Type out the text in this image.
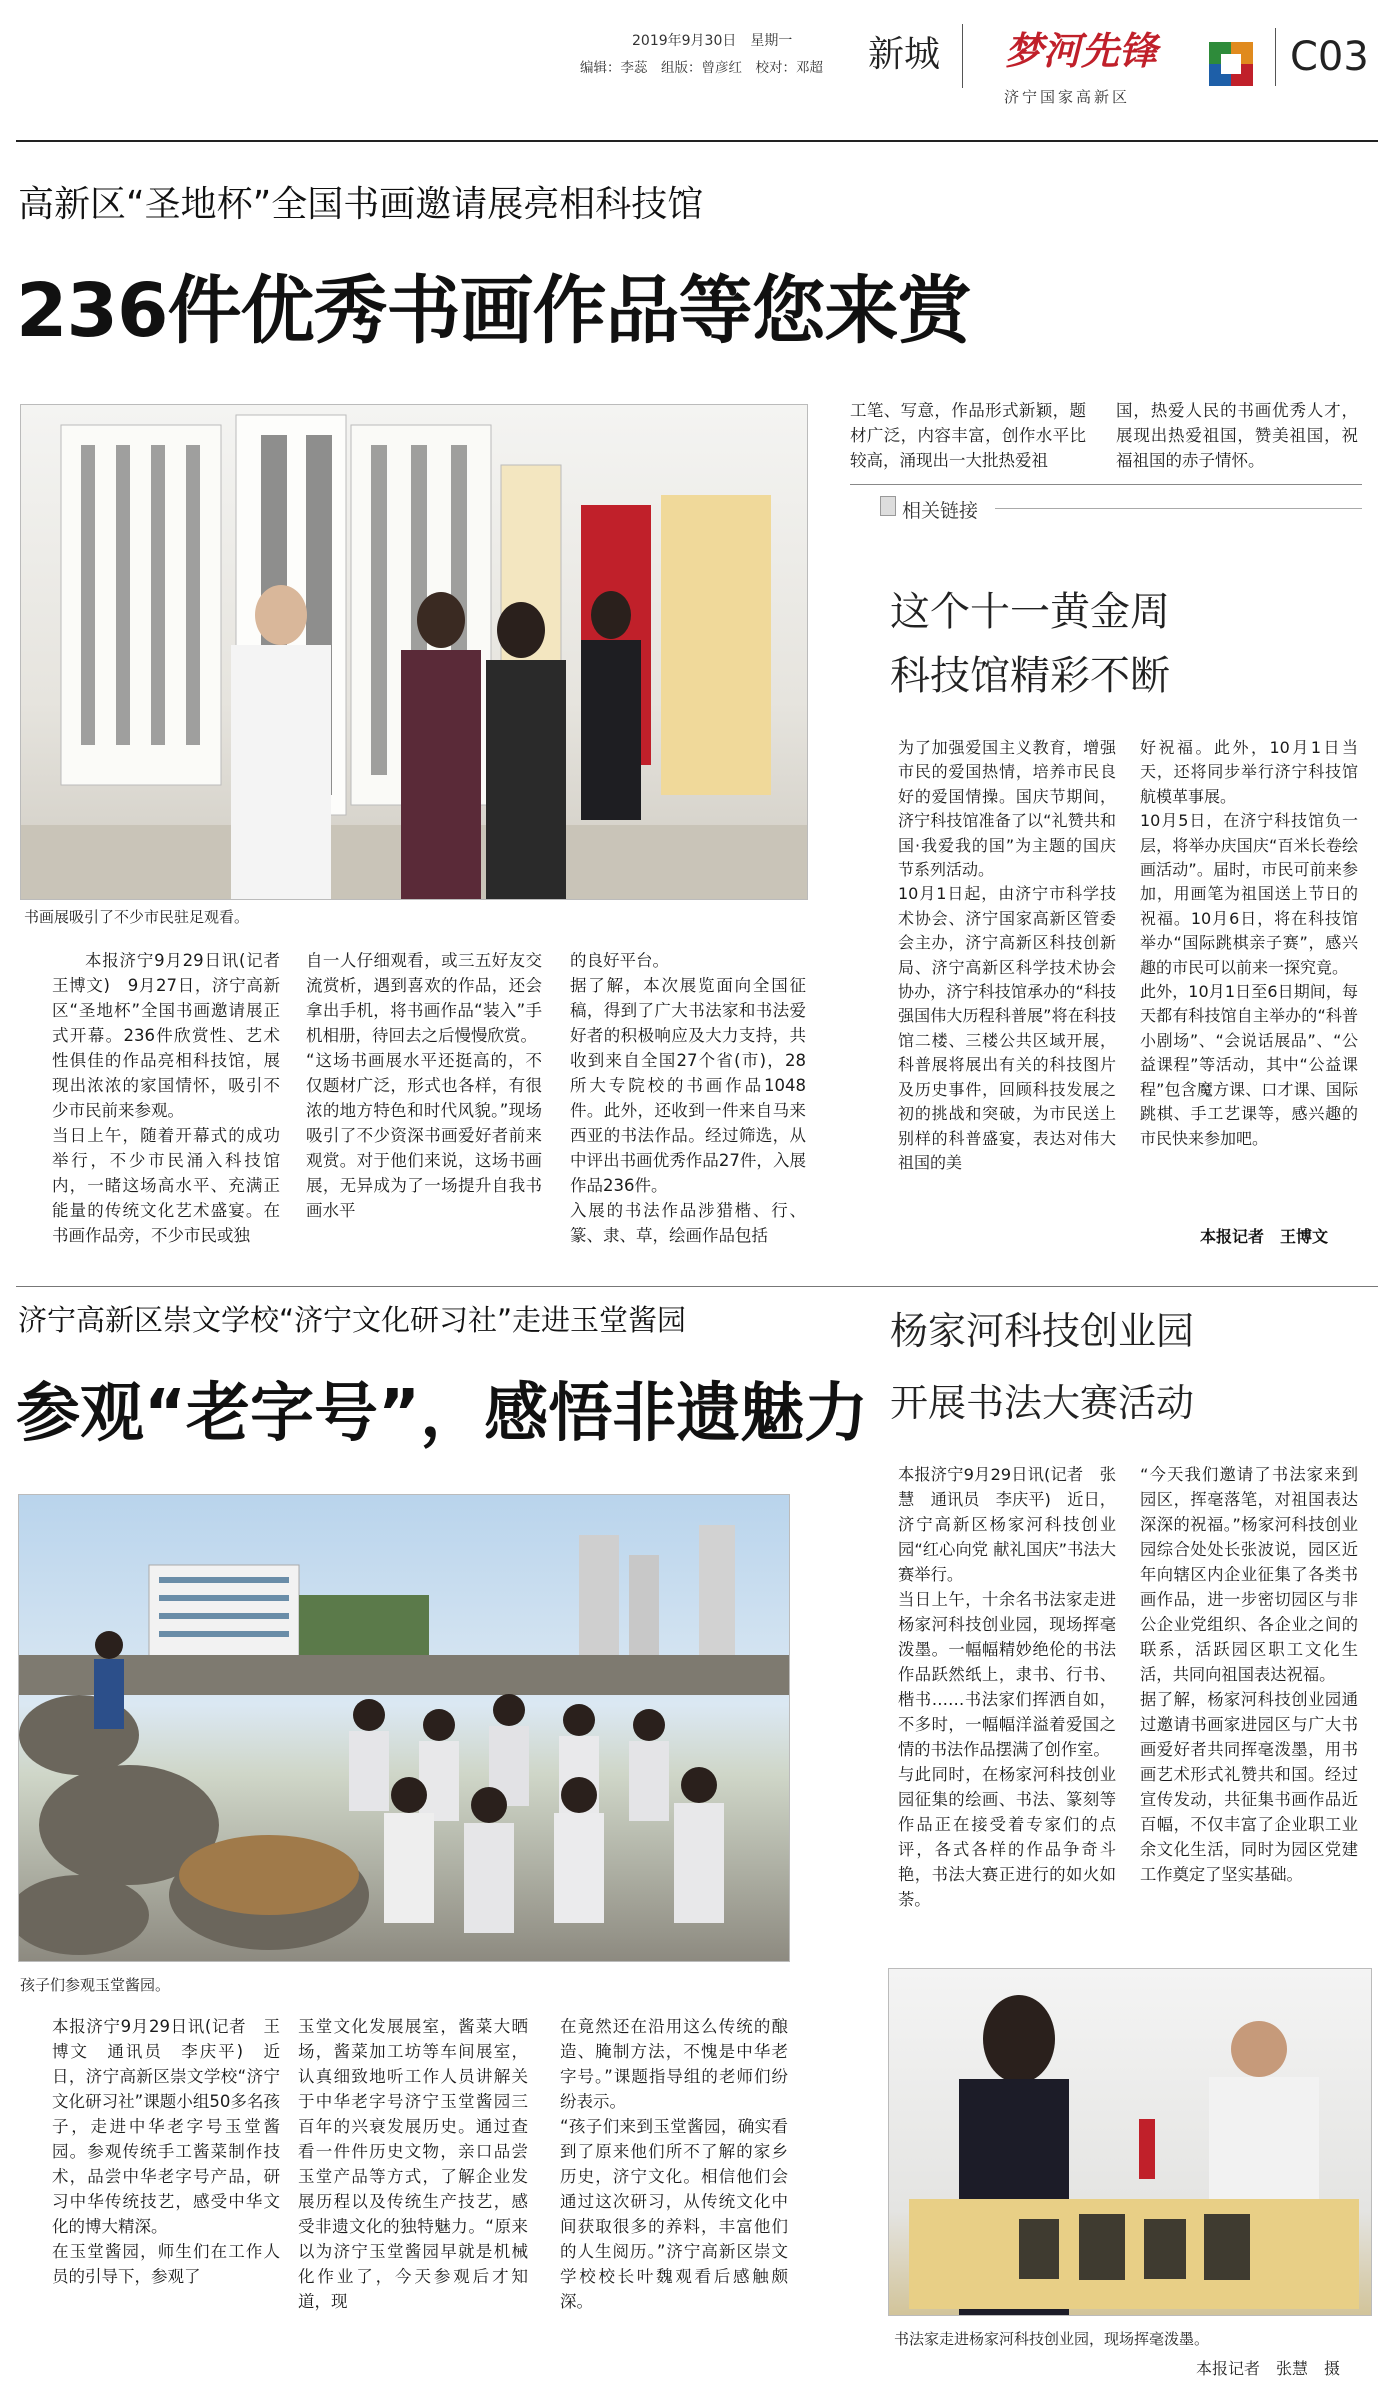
2019年9月30日　 星期一
编辑：李蕊　组版：曾彦红　校对：邓超 新城 梦河先锋
济宁国家高新区
C03
高新区“圣地杯”全国书画邀请展亮相科技馆
236件优秀书画作品等您来赏
书画展吸引了不少市民驻足观看。

本报济宁9月29日讯(记者　王博文)　9月27日，济宁高新区“圣地杯”全国书画邀请展正式开幕。236件欣赏性、艺术性俱佳的作品亮相科技馆，展现出浓浓的家国情怀，吸引不少市民前来参观。
当日上午，随着开幕式的成功举行，不少市民涌入科技馆内，一睹这场高水平、充满正能量的传统文化艺术盛宴。在书画作品旁，不少市民或独
自一人仔细观看，或三五好友交流赏析，遇到喜欢的作品，还会拿出手机，将书画作品“装入”手机相册，待回去之后慢慢欣赏。
“这场书画展水平还挺高的，不仅题材广泛，形式也各样，有很浓的地方特色和时代风貌。”现场吸引了不少资深书画爱好者前来观赏。对于他们来说，这场书画展，无异成为了一场提升自我书画水平
的良好平台。
据了解，本次展览面向全国征稿，得到了广大书法家和书法爱好者的积极响应及大力支持，共收到来自全国27个省(市)，28所大专院校的书画作品1048件。此外，还收到一件来自马来西亚的书法作品。经过筛选，从中评出书画优秀作品27件，入展作品236件。
入展的书法作品涉猎楷、行、篆、隶、草，绘画作品包括
工笔、写意，作品形式新颖，题材广泛，内容丰富，创作水平比较高，涌现出一大批热爱祖
国，热爱人民的书画优秀人才，展现出热爱祖国，赞美祖国，祝福祖国的赤子情怀。
相关链接
这个十一黄金周
科技馆精彩不断
为了加强爱国主义教育，增强市民的爱国热情，培养市民良好的爱国情操。国庆节期间，济宁科技馆准备了以“礼赞共和国·我爱我的国”为主题的国庆节系列活动。
10月1日起，由济宁市科学技术协会、济宁国家高新区管委会主办，济宁高新区科技创新局、济宁高新区科学技术协会协办，济宁科技馆承办的“科技强国伟大历程科普展”将在科技馆二楼、三楼公共区域开展，科普展将展出有关的科技图片及历史事件，回顾科技发展之初的挑战和突破，为市民送上别样的科普盛宴，表达对伟大祖国的美
好祝福。此外，10月1日当天，还将同步举行济宁科技馆航模革事展。
10月5日，在济宁科技馆负一层，将举办庆国庆“百米长卷绘画活动”。届时，市民可前来参加，用画笔为祖国送上节日的祝福。10月6日，将在科技馆举办“国际跳棋亲子赛”，感兴趣的市民可以前来一探究竟。
此外，10月1日至6日期间，每天都有科技馆自主举办的“科普小剧场”、“会说话展品”、“公益课程”等活动，其中“公益课程”包含魔方课、口才课、国际跳棋、手工艺课等，感兴趣的市民快来参加吧。
本报记者　王博文
济宁高新区崇文学校“济宁文化研习社”走进玉堂酱园
参观“老字号”，感悟非遗魅力
孩子们参观玉堂酱园。
本报济宁9月29日讯(记者　王博文　通讯员　李庆平)　近日，济宁高新区崇文学校“济宁文化研习社”课题小组50多名孩子，走进中华老字号玉堂酱园。参观传统手工酱菜制作技术，品尝中华老字号产品，研习中华传统技艺，感受中华文化的博大精深。
在玉堂酱园，师生们在工作人员的引导下，参观了
玉堂文化发展展室，酱菜大晒场，酱菜加工坊等车间展室，认真细致地听工作人员讲解关于中华老字号济宁玉堂酱园三百年的兴衰发展历史。通过查看一件件历史文物，亲口品尝玉堂产品等方式，了解企业发展历程以及传统生产技艺，感受非遗文化的独特魅力。“原来以为济宁玉堂酱园早就是机械化作业了，今天参观后才知道，现
在竟然还在沿用这么传统的酿造、腌制方法，不愧是中华老字号。”课题指导组的老师们纷纷表示。
“孩子们来到玉堂酱园，确实看到了原来他们所不了解的家乡历史，济宁文化。相信他们会通过这次研习，从传统文化中间获取很多的养料，丰富他们的人生阅历。”济宁高新区崇文学校校长叶魏观看后感触颇深。
杨家河科技创业园
开展书法大赛活动
本报济宁9月29日讯(记者　张慧　通讯员　李庆平)　近日，济宁高新区杨家河科技创业园“红心向党 献礼国庆”书法大赛举行。
当日上午，十余名书法家走进杨家河科技创业园，现场挥毫泼墨。一幅幅精妙绝伦的书法作品跃然纸上，隶书、行书、楷书……书法家们挥洒自如，不多时，一幅幅洋溢着爱国之情的书法作品摆满了创作室。
与此同时，在杨家河科技创业园征集的绘画、书法、篆刻等作品正在接受着专家们的点评，各式各样的作品争奇斗艳，书法大赛正进行的如火如荼。
“今天我们邀请了书法家来到园区，挥毫落笔，对祖国表达深深的祝福。”杨家河科技创业园综合处处长张波说，园区近年向辖区内企业征集了各类书画作品，进一步密切园区与非公企业党组织、各企业之间的联系，活跃园区职工文化生活，共同向祖国表达祝福。
据了解，杨家河科技创业园通过邀请书画家进园区与广大书画爱好者共同挥毫泼墨，用书画艺术形式礼赞共和国。经过宣传发动，共征集书画作品近百幅，不仅丰富了企业职工业余文化生活，同时为园区党建工作奠定了坚实基础。
书法家走进杨家河科技创业园，现场挥毫泼墨。
本报记者　张慧　摄
